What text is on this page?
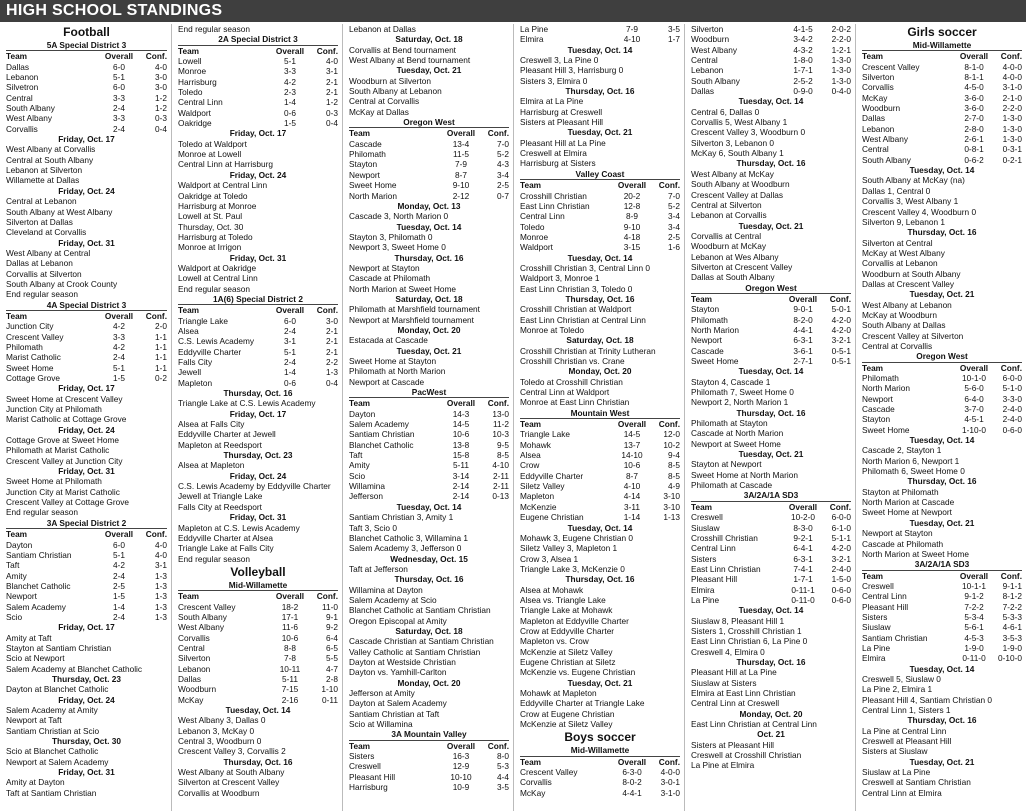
HIGH SCHOOL STANDINGS
Football
5A Special District 3
Team	Overall	Conf.
Dallas	6-0	4-0
Lebanon	5-1	3-0
Silvetron	6-0	3-0
Central	3-3	1-2
South Albany	2-4	1-2
West Albany	3-3	0-3
Corvallis	2-4	0-4
Friday, Oct. 17
West Albany at Corvallis
Central at South Albany
Lebanon at Silverton
Willamette at Dallas
Friday, Oct. 24
Central at Lebanon
South Albany at West Albany
Silverton at Dallas
Cleveland at Corvallis
Friday, Oct. 31
West Albany at Central
Dallas at Lebanon
Corvallis at Silverton
South Albany at Crook County
End regular season
4A Special District 3
Team	Overall	Conf.
Junction City	4-2	2-0
Crescent Valley	3-3	1-1
Philomath	4-2	1-1
Marist Catholic	2-4	1-1
Sweet Home	5-1	1-1
Cottage Grove	1-5	0-2
Friday, Oct. 17
Sweet Home at Crescent Valley
Junction City at Philomath
Marist Catholic at Cottage Grove
Friday, Oct. 24
Cottage Grove at Sweet Home
Philomath at Marist Catholic
Crescent Valley at Junction City
Friday, Oct. 31
Sweet Home at Philomath
Junction City at Marist Catholic
Crescent Valley at Cottage Grove
End regular season
3A Special District 2
Team	Overall	Conf.
Dayton	6-0	4-0
Santiam Christian	5-1	4-0
Taft	4-2	3-1
Amity	2-4	1-3
Blanchet Catholic	2-5	1-3
Newport	1-5	1-3
Salem Academy	1-4	1-3
Scio	2-4	1-3
Friday, Oct. 17
Amity at Taft
Stayton at Santiam Christian
Scio at Newport
Salem Academy at Blanchet Catholic
Thursday, Oct. 23
Dayton at Blanchet Catholic
Friday, Oct. 24
Salem Academy at Amity
Newport at Taft
Santiam Christian at Scio
Thursday, Oct. 30
Scio at Blanchet Catholic
Newport at Salem Academy
Friday, Oct. 31
Amity at Dayton
Taft at Santiam Christian
End regular season
2A Special District 3
Team	Overall	Conf.
Lowell	5-1	4-0
Monroe	3-3	3-1
Harrisburg	4-2	2-1
Toledo	2-3	2-1
Central Linn	1-4	1-2
Waldport	0-6	0-3
Oakridge	1-5	0-4
Friday, Oct. 17
Toledo at Waldport
Monroe at Lowell
Central Linn at Harrisburg
Friday, Oct. 24
Waldport at Central Linn
Oakridge at Toledo
Harrisburg at Monroe
Lowell at St. Paul
Thursday, Oct. 30
Harrisburg at Toledo
Monroe at Irrigon
Friday, Oct. 31
Waldport at Oakridge
Lowell at Central Linn
End regular season
1A(6) Special District 2
Team	Overall	Conf.
Triangle Lake	6-0	3-0
Alsea	2-4	2-1
C.S. Lewis Academy	3-1	2-1
Eddyville Charter	5-1	2-1
Falls City	2-4	2-2
Jewell	1-4	1-3
Mapleton	0-6	0-4
Thursday, Oct. 16
Triangle Lake at C.S. Lewis Academy
Friday, Oct. 17
Alsea at Falls City
Eddyville Charter at Jewell
Mapleton at Reedsport
Thursday, Oct. 23
Alsea at Mapleton
Friday, Oct. 24
C.S. Lewis Academy by Eddyville Charter
Jewell at Triangle Lake
Falls City at Reedsport
Friday, Oct. 31
Mapleton at C.S. Lewis Academy
Eddyville Charter at Alsea
Triangle Lake at Falls City
End regular season
Volleyball
Mid-Willamette
Team	Overall	Conf.
Crescent Valley	18-2	11-0
South Albany	17-1	9-1
West Albany	11-6	9-2
Corvallis	10-6	6-4
Central	8-8	6-5
Silverton	7-8	5-5
Lebanon	10-11	4-7
Dallas	5-11	2-8
Woodburn	7-15	1-10
McKay	2-16	0-11
Tuesday, Oct. 14
West Albany 3, Dallas 0
Lebanon 3, McKay 0
Central 3, Woodburn 0
Crescent Valley 3, Corvallis 2
Thursday, Oct. 16
West Albany at South Albany
Silverton at Crescent Valley
Corvallis at Woodburn
Lebanon at Dallas
Saturday, Oct. 18
Corvallis at Bend tournament
West Albany at Bend tournament
Tuesday, Oct. 21
Woodburn at Silverton
South Albany at Lebanon
Central at Corvallis
McKay at Dallas
Oregon West
Team	Overall	Conf.
Cascade	13-4	7-0
Philomath	11-5	5-2
Stayton	7-9	4-3
Newport	8-7	3-4
Sweet Home	9-10	2-5
North Marion	2-12	0-7
Monday, Oct. 13
Cascade 3, North Marion 0
Tuesday, Oct. 14
Stayton 3, Philomath 0
Newport 3, Sweet Home 0
Thursday, Oct. 16
Newport at Stayton
Cascade at Philomath
North Marion at Sweet Home
Saturday, Oct. 18
Philomath at Marshfield tournament
Newport at Marshfield tournament
Monday, Oct. 20
Estacada at Cascade
Tuesday, Oct. 21
Sweet Home at Stayton
Philomath at North Marion
Newport at Cascade
PacWest
Team	Overall	Conf.
Dayton	14-3	13-0
Salem Academy	14-5	11-2
Santiam Christian	10-6	10-3
Blanchet Catholic	13-8	9-5
Taft	15-8	8-5
Amity	5-11	4-10
Scio	3-14	2-11
Willamina	2-14	2-11
Jefferson	2-14	0-13
Tuesday, Oct. 14
Santiam Christian 3, Amity 1
Taft 3, Scio 0
Blanchet Catholic 3, Willamina 1
Salem Academy 3, Jefferson 0
Wednesday, Oct. 15
Taft at Jefferson
Thursday, Oct. 16
Willamina at Dayton
Salem Academy at Scio
Blanchet Catholic at Santiam Christian
Oregon Episcopal at Amity
Saturday, Oct. 18
Cascade Christian at Santiam Christian
Valley Catholic at Santiam Christian
Dayton at Westside Christian
Dayton vs. Yamhill-Carlton
Monday, Oct. 20
Jefferson at Amity
Dayton at Salem Academy
Santiam Christian at Taft
Scio at Willamina
3A Mountain Valley
Team	Overall	Conf.
Sisters	16-3	8-0
Creswell	12-9	5-3
Pleasant Hill	10-10	4-4
Harrisburg	10-9	3-5
La Pine	7-9	3-5
Elmira	4-10	1-7
Tuesday, Oct. 14
Creswell 3, La Pine 0
Pleasant Hill 3, Harrisburg 0
Sisters 3, Elmira 0
Thursday, Oct. 16
Elmira at La Pine
Harrisburg at Creswell
Sisters at Pleasant Hill
Tuesday, Oct. 21
Pleasant Hill at La Pine
Creswell at Elmira
Harrisburg at Sisters
Valley Coast
Team	Overall	Conf.
Crosshill Christian	20-2	7-0
East Linn Christian	12-8	5-2
Central Linn	8-9	3-4
Toledo	9-10	3-4
Monroe	4-18	2-5
Waldport	3-15	1-6
Tuesday, Oct. 14
Crosshill Christian 3, Central Linn 0
Waldport 3, Monroe 1
East Linn Christian 3, Toledo 0
Thursday, Oct. 16
Crosshill Christian at Waldport
East Linn Christian at Central Linn
Monroe at Toledo
Saturday, Oct. 18
Crosshill Christian at Trinity Lutheran
Crosshill Christian vs. Crane
Monday, Oct. 20
Toledo at Crosshill Christian
Central Linn at Waldport
Monroe at East Linn Christian
Mountain West
Team	Overall	Conf.
Triangle Lake	14-5	12-0
Mohawk	13-7	10-2
Alsea	14-10	9-4
Crow	10-6	8-5
Eddyville Charter	8-7	8-5
Siletz Valley	4-10	4-9
Mapleton	4-14	3-10
McKenzie	3-11	3-10
Eugene Christian	1-14	1-13
Tuesday, Oct. 14
Mohawk 3, Eugene Christian 0
Siletz Valley 3, Mapleton 1
Crow 3, Alsea 1
Triangle Lake 3, McKenzie 0
Thursday, Oct. 16
Alsea at Mohawk
Alsea vs. Triangle Lake
Triangle Lake at Mohawk
Mapleton at Eddyville Charter
Crow at Eddyville Charter
Mapleton vs. Crow
McKenzie at Siletz Valley
Eugene Christian at Siletz
McKenzie vs. Eugene Christian
Tuesday, Oct. 21
Mohawk at Mapleton
Eddyville Charter at Triangle Lake
Crow at Eugene Christian
McKenzie at Siletz Valley
Boys soccer
Mid-Willamette
Team	Overall	Conf.
Crescent Valley	6-3-0	4-0-0
Corvallis	8-0-2	3-0-1
McKay	4-4-1	3-1-0
Silverton	4-1-5	2-0-2
Woodburn	3-4-2	2-2-0
West Albany	4-3-2	1-2-1
Central	1-8-0	1-3-0
Lebanon	1-7-1	1-3-0
South Albany	2-5-2	1-3-0
Dallas	0-9-0	0-4-0
Tuesday, Oct. 14
Central 6, Dallas 0
Corvallis 5, West Albany 1
Crescent Valley 3, Woodburn 0
Silverton 3, Lebanon 0
McKay 6, South Albany 1
Thursday, Oct. 16
West Albany at McKay
South Albany at Woodburn
Crescent Valley at Dallas
Central at Silverton
Lebanon at Corvallis
Tuesday, Oct. 21
Corvallis at Central
Woodburn at McKay
Lebanon at Wes Albany
Silverton at Crescent Valley
Dallas at South Albany
Oregon West
Team	Overall	Conf.
Stayton	9-0-1	5-0-1
Philomath	8-2-0	4-2-0
North Marion	4-4-1	4-2-0
Newport	6-3-1	3-2-1
Cascade	3-6-1	0-5-1
Sweet Home	2-7-1	0-5-1
Tuesday, Oct. 14
Stayton 4, Cascade 1
Philomath 7, Sweet Home 0
Newport 2, North Marion 1
Thursday, Oct. 16
Philomath at Stayton
Cascade at North Marion
Newport at Sweet Home
Tuesday, Oct. 21
Stayton at Newport
Sweet Home at North Marion
Philomath at Cascade
3A/2A/1A SD3
Team	Overall	Conf.
Creswell	10-2-0	6-0-0
Siuslaw	8-3-0	6-1-0
Crosshill Christian	9-2-1	5-1-1
Central Linn	6-4-1	4-2-0
Sisters	6-3-1	3-2-1
East Linn Christian	7-4-1	2-4-0
Pleasant Hill	1-7-1	1-5-0
Elmira	0-11-1	0-6-0
La Pine	0-11-0	0-6-0
Tuesday, Oct. 14
Siuslaw 8, Pleasant Hill 1
Sisters 1, Crosshill Christian 1
East Linn Christian 6, La Pine 0
Creswell 4, Elmira 0
Thursday, Oct. 16
Pleasant Hill at La Pine
Siuslaw at Sisters
Elmira at East Linn Christian
Central Linn at Creswell
Monday, Oct. 20
East Linn Christian at Central Linn
Oct. 21
Sisters at Pleasant Hill
Creswell at Crosshill Christian
La Pine at Elmira
Girls soccer
Mid-Willamette
Team	Overall	Conf.
Crescent Valley	8-1-0	4-0-0
Silverton	8-1-1	4-0-0
Corvallis	4-5-0	3-1-0
McKay	3-6-0	2-1-0
Woodburn	3-6-0	2-2-0
Dallas	2-7-0	1-3-0
Lebanon	2-8-0	1-3-0
West Albany	2-6-1	1-3-0
Central	0-8-1	0-3-1
South Albany	0-6-2	0-2-1
Tuesday, Oct. 14
South Albany at McKay (na)
Dallas 1, Central 0
Corvallis 3, West Albany 1
Crescent Valley 4, Woodburn 0
Silverton 9, Lebanon 1
Thursday, Oct. 16
Silverton at Central
McKay at West Albany
Corvallis at Lebanon
Woodburn at South Albany
Dallas at Crescent Valley
Tuesday, Oct. 21
West Albany at Lebanon
McKay at Woodburn
South Albany at Dallas
Crescent Valley at Silverton
Central at Corvallis
Oregon West
Team	Overall	Conf.
Philomath	10-1-0	6-0-0
North Marion	5-6-0	5-1-0
Newport	6-4-0	3-3-0
Cascade	3-7-0	2-4-0
Stayton	4-5-1	2-4-0
Sweet Home	1-10-0	0-6-0
Tuesday, Oct. 14
Cascade 2, Stayton 1
North Marion 6, Newport 1
Philomath 6, Sweet Home 0
Thursday, Oct. 16
Stayton at Philomath
North Marion at Cascade
Sweet Home at Newport
Tuesday, Oct. 21
Newport at Stayton
Cascade at Philomath
North Marion at Sweet Home
3A/2A/1A SD3
Team	Overall	Conf.
Creswell	10-1-1	9-1-1
Central Linn	9-1-2	8-1-2
Pleasant Hill	7-2-2	7-2-2
Sisters	5-3-4	5-3-3
Siuslaw	5-6-1	4-6-1
Santiam Christian	4-5-3	3-5-3
La Pine	1-9-0	1-9-0
Elmira	0-11-0	0-10-0
Tuesday, Oct. 14
Creswell 5, Siuslaw 0
La Pine 2, Elmira 1
Pleasant Hill 4, Santiam Christian 0
Central Linn 1, Sisters 1
Thursday, Oct. 16
La Pine at Central Linn
Creswell at Pleasant Hill
Sisters at Siuslaw
Tuesday, Oct. 21
Siuslaw at La Pine
Creswell at Santiam Christian
Central Linn at Elmira
